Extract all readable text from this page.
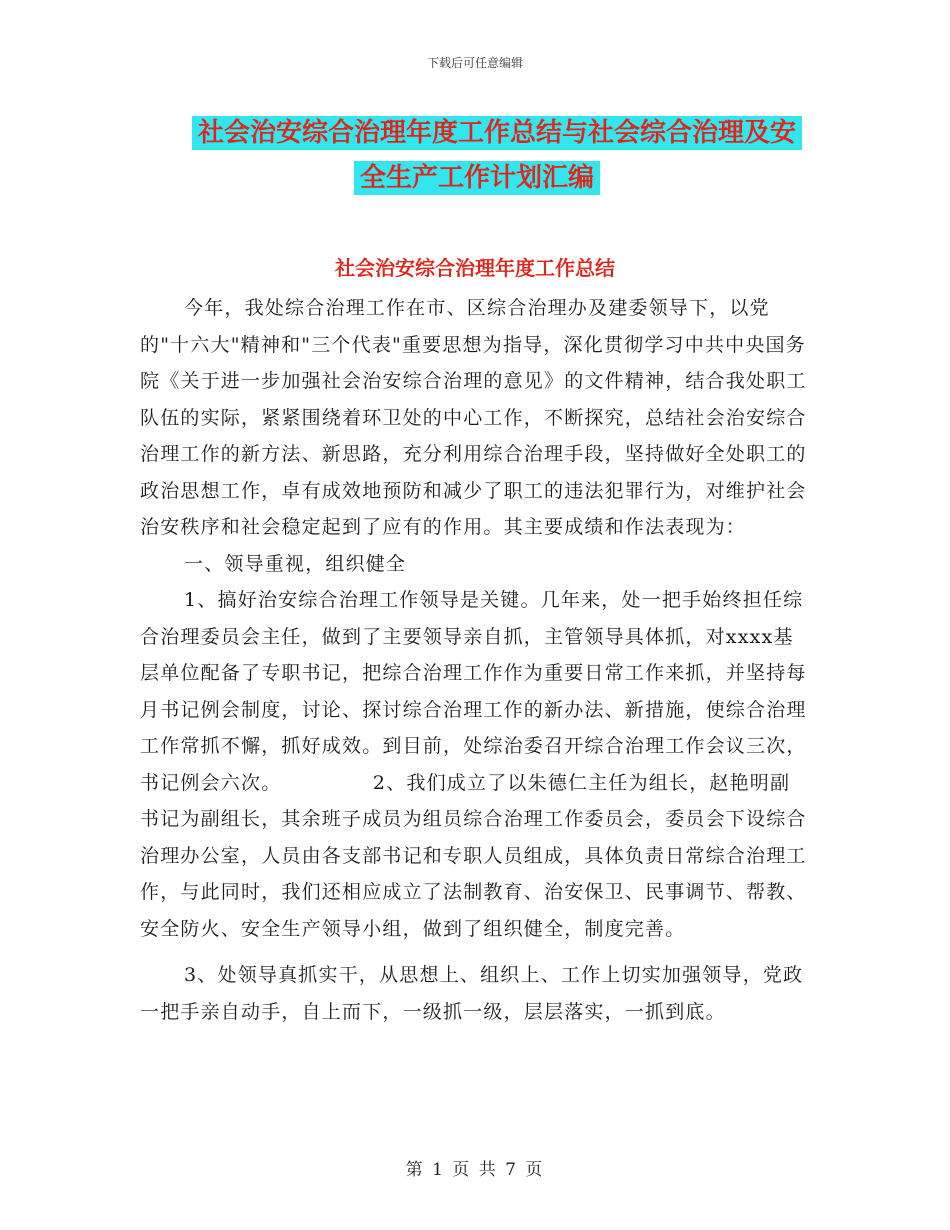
下载后可任意编辑
社会治安综合治理年度工作总结与社会综合治理及安
全生产工作计划汇编
社会治安综合治理年度工作总结

今年，我处综合治理工作在市、区综合治理办及建委领导下，以党的"十六大"精神和"三个代表"重要思想为指导，深化贯彻学习中共中央国务院《关于进一步加强社会治安综合治理的意见》的文件精神，结合我处职工队伍的实际，紧紧围绕着环卫处的中心工作，不断探究，总结社会治安综合治理工作的新方法、新思路，充分利用综合治理手段，坚持做好全处职工的政治思想工作，卓有成效地预防和减少了职工的违法犯罪行为，对维护社会治安秩序和社会稳定起到了应有的作用。其主要成绩和作法表现为：

一、领导重视，组织健全

1、搞好治安综合治理工作领导是关键。几年来，处一把手始终担任综合治理委员会主任，做到了主要领导亲自抓，主管领导具体抓，对xxxx基层单位配备了专职书记，把综合治理工作作为重要日常工作来抓，并坚持每月书记例会制度，讨论、探讨综合治理工作的新办法、新措施，使综合治理工作常抓不懈，抓好成效。到目前，处综治委召开综合治理工作会议三次，书记例会六次。　　　　　2、我们成立了以朱德仁主任为组长，赵艳明副书记为副组长，其余班子成员为组员综合治理工作委员会，委员会下设综合治理办公室，人员由各支部书记和专职人员组成，具体负责日常综合治理工作，与此同时，我们还相应成立了法制教育、治安保卫、民事调节、帮教、安全防火、安全生产领导小组，做到了组织健全，制度完善。

3、处领导真抓实干，从思想上、组织上、工作上切实加强领导，党政一把手亲自动手，自上而下，一级抓一级，层层落实，一抓到底。

第 1 页 共 7 页
